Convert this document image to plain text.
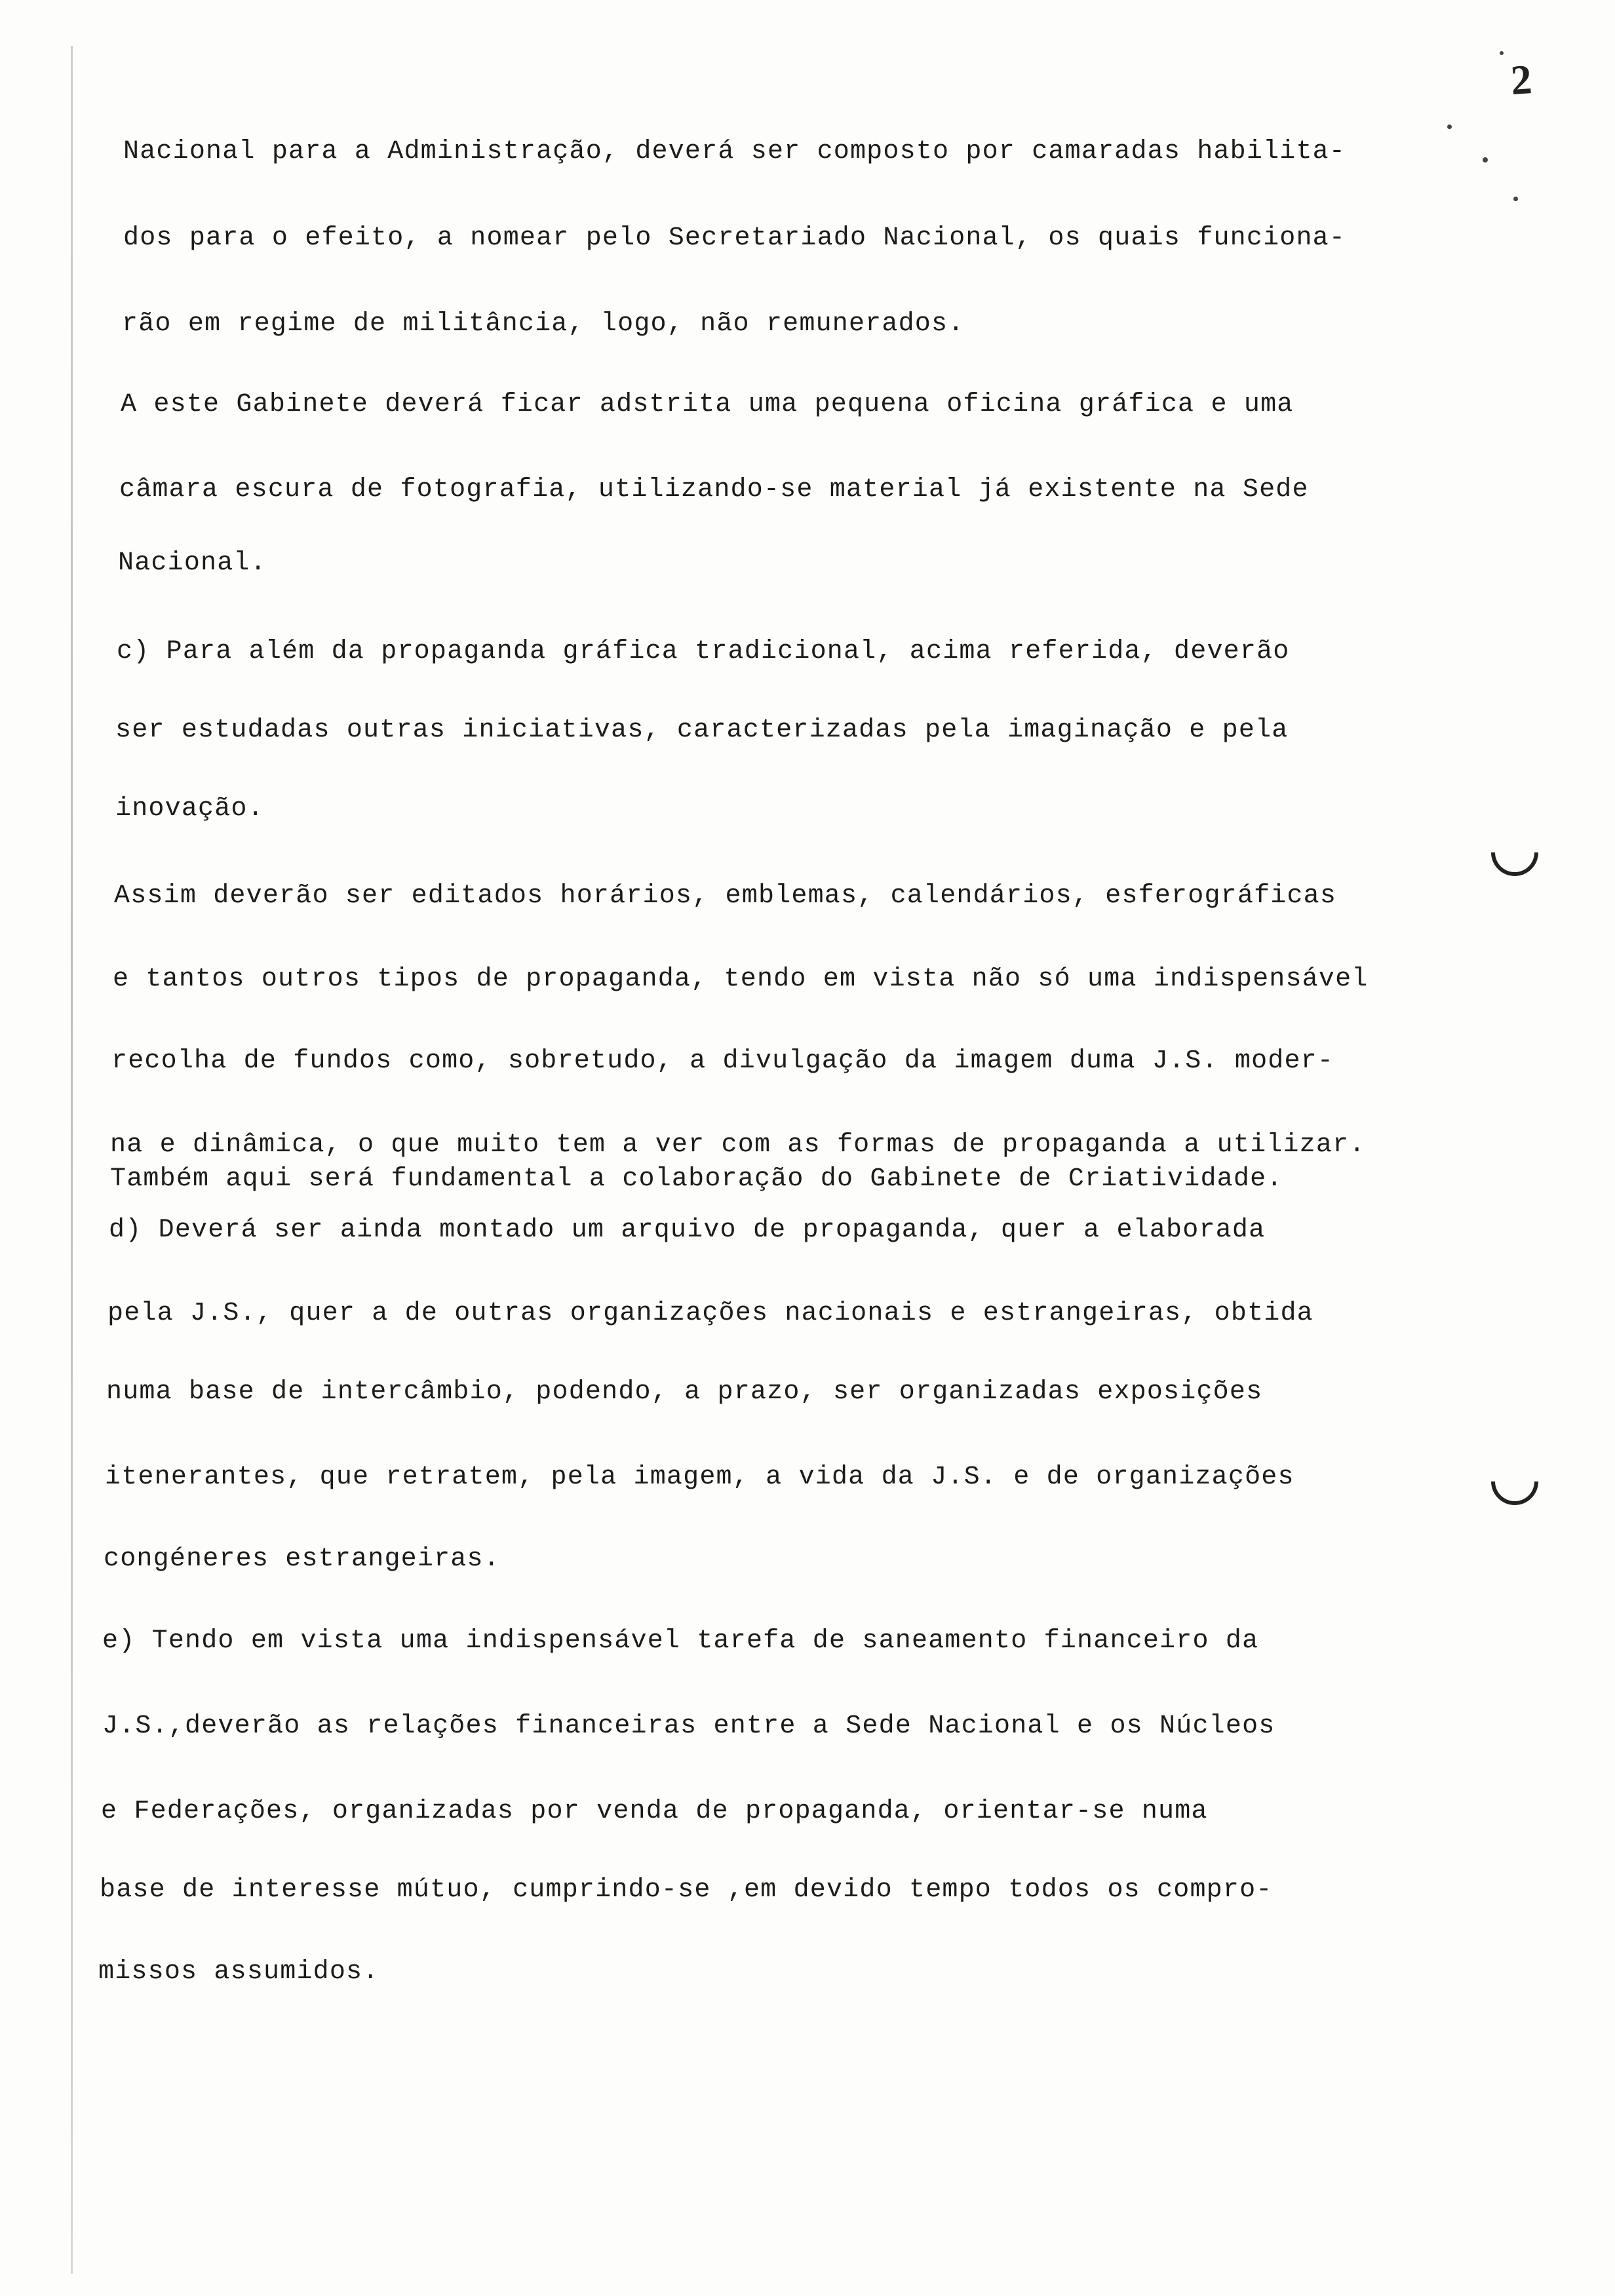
2

Nacional para a Administração, deverá ser composto por camaradas habilita-

dos para o efeito, a nomear pelo Secretariado Nacional, os quais funciona-

rão em regime de militância, logo, não remunerados.

A este Gabinete deverá ficar adstrita uma pequena oficina gráfica e uma

câmara escura de fotografia, utilizando-se material já existente na Sede

Nacional.

c) Para além da propaganda gráfica tradicional, acima referida, deverão

ser estudadas outras iniciativas, caracterizadas pela imaginação e pela

inovação.

Assim deverão ser editados horários, emblemas, calendários, esferográficas

e tantos outros tipos de propaganda, tendo em vista não só uma indispensável

recolha de fundos como, sobretudo, a divulgação da imagem duma J.S. moder-

na e dinâmica, o que muito tem a ver com as formas de propaganda a utilizar.

Também aqui será fundamental a colaboração do Gabinete de Criatividade.

d) Deverá ser ainda montado um arquivo de propaganda, quer a elaborada

pela J.S., quer a de outras organizações nacionais e estrangeiras, obtida

numa base de intercâmbio, podendo, a prazo, ser organizadas exposições

itenerantes, que retratem, pela imagem, a vida da J.S. e de organizações

congéneres estrangeiras.

e) Tendo em vista uma indispensável tarefa de saneamento financeiro da

J.S.,deverão as relações financeiras entre a Sede Nacional e os Núcleos

e Federações, organizadas por venda de propaganda, orientar-se numa

base de interesse mútuo, cumprindo-se ,em devido tempo todos os compro-

missos assumidos.
